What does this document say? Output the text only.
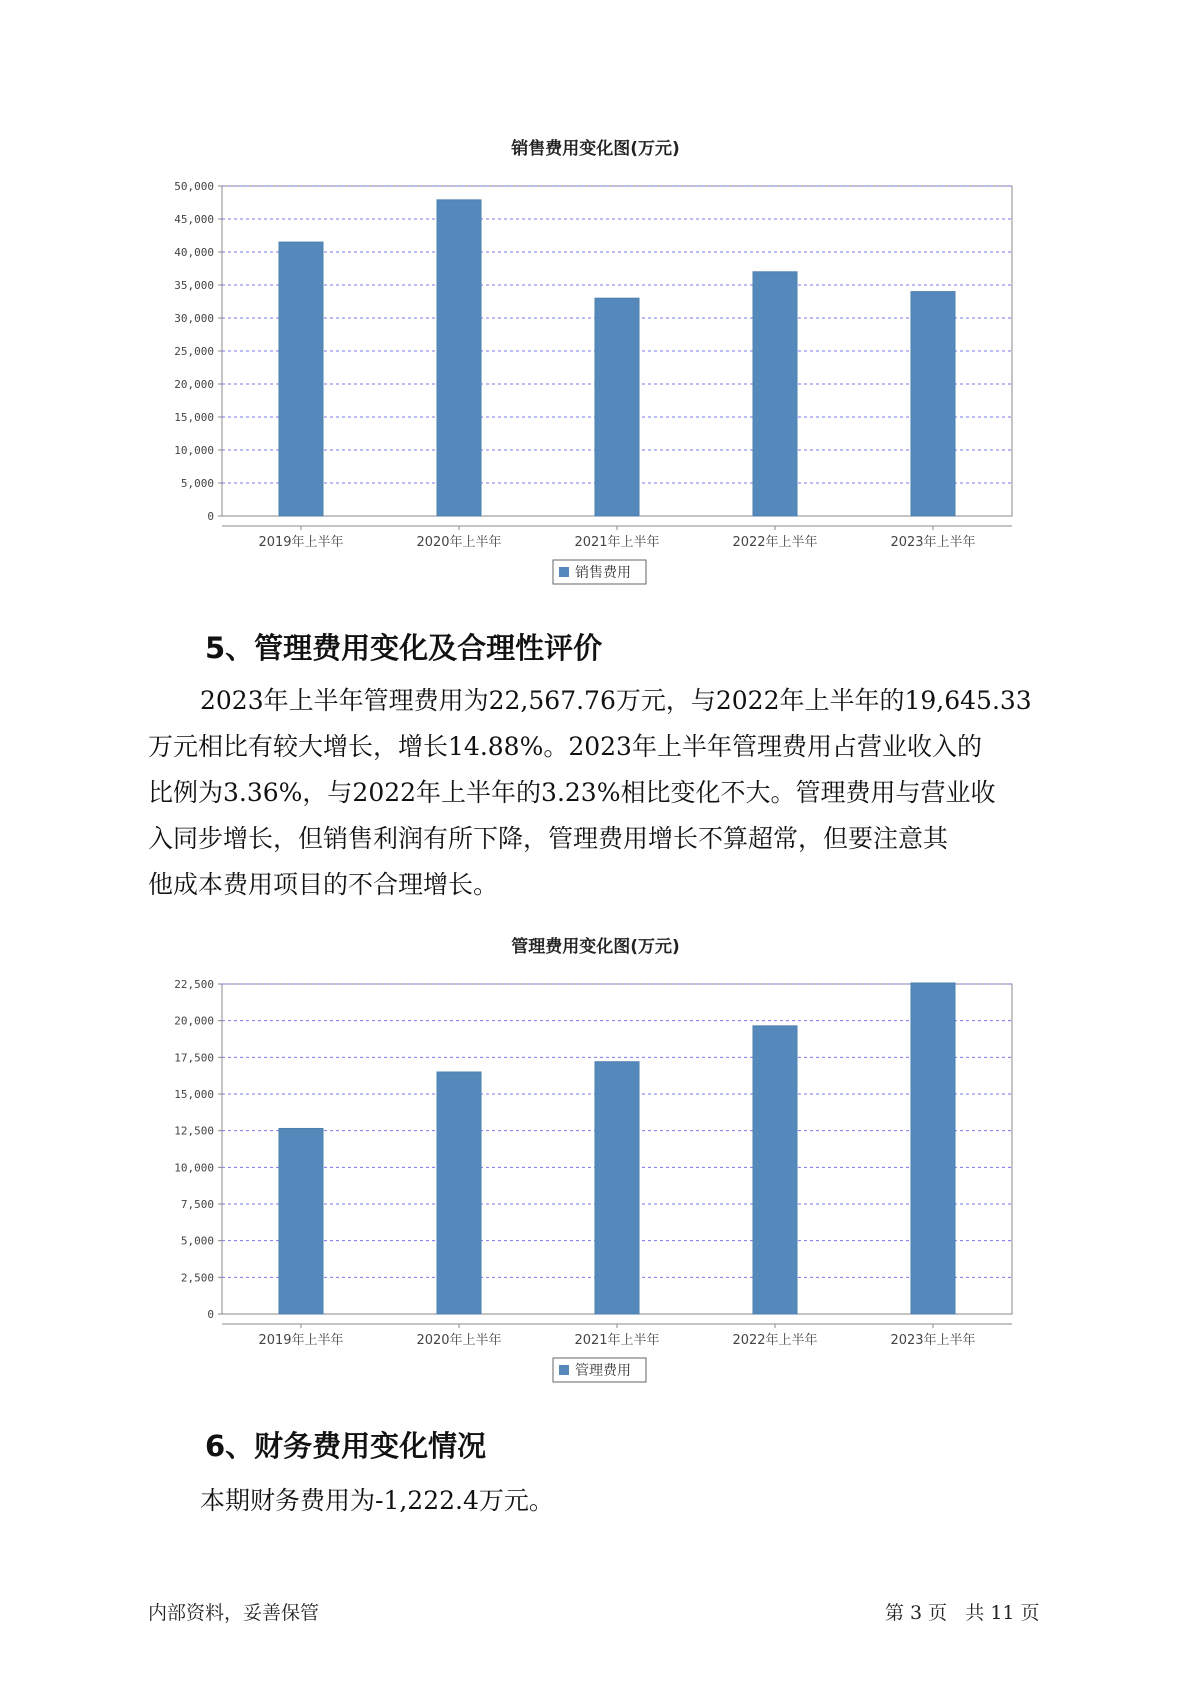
销售费用变化图(万元)
0
5,000
10,000
15,000
20,000
25,000
30,000
35,000
40,000
45,000
50,000
2019年上半年	2020年上半年	2021年上半年	2022年上半年	2023年上半年
销售费用
5、管理费用变化及合理性评价
2023年上半年管理费用为22,567.76万元，与2022年上半年的19,645.33
万元相比有较大增长，增长14.88%。2023年上半年管理费用占营业收入的
比例为3.36%，与2022年上半年的3.23%相比变化不大。管理费用与营业收
入同步增长，但销售利润有所下降，管理费用增长不算超常，但要注意其
他成本费用项目的不合理增长。
管理费用变化图(万元)
0
2,500
5,000
7,500
10,000
12,500
15,000
17,500
20,000
22,500
2019年上半年	2020年上半年	2021年上半年	2022年上半年	2023年上半年
管理费用
6、财务费用变化情况
本期财务费用为-1,222.4万元。
内部资料，妥善保管	第 3 页   共 11 页
